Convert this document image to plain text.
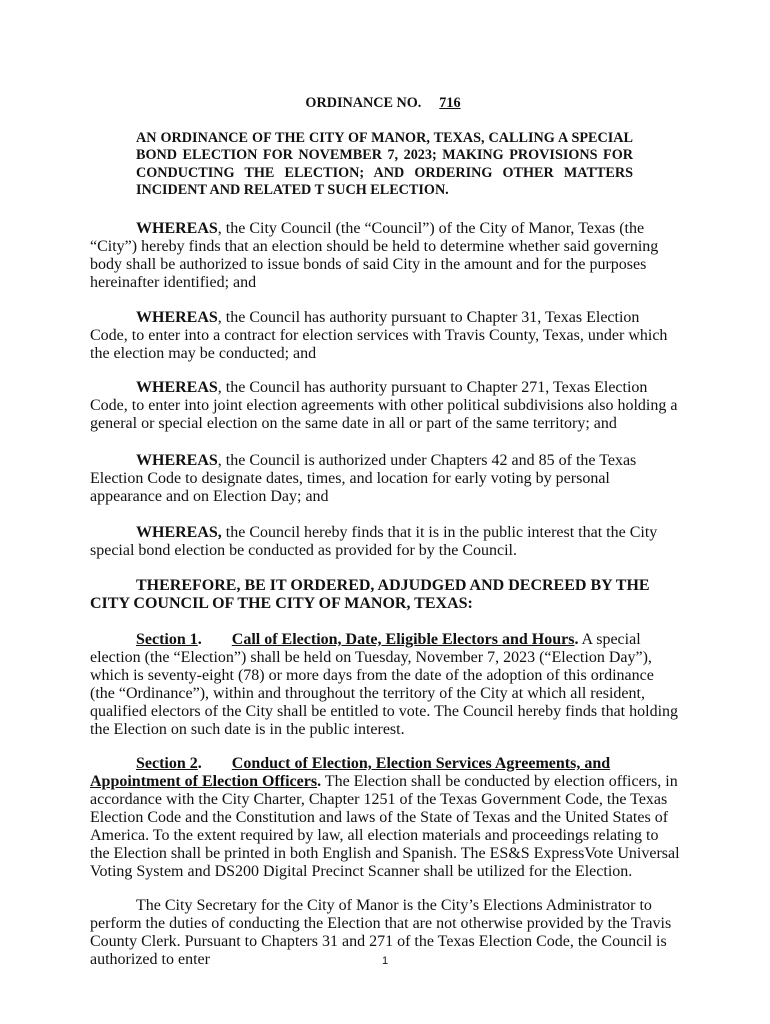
ORDINANCE NO. 716
AN ORDINANCE OF THE CITY OF MANOR, TEXAS, CALLING A SPECIAL BOND ELECTION FOR NOVEMBER 7, 2023; MAKING PROVISIONS FOR CONDUCTING THE ELECTION; AND ORDERING OTHER MATTERS INCIDENT AND RELATED T SUCH ELECTION.

WHEREAS, the City Council (the “Council”) of the City of Manor, Texas (the “City”) hereby finds that an election should be held to determine whether said governing body shall be authorized to issue bonds of said City in the amount and for the purposes hereinafter identified; and

WHEREAS, the Council has authority pursuant to Chapter 31, Texas Election Code, to enter into a contract for election services with Travis County, Texas, under which the election may be conducted; and

WHEREAS, the Council has authority pursuant to Chapter 271, Texas Election Code, to enter into joint election agreements with other political subdivisions also holding a general or special election on the same date in all or part of the same territory; and

WHEREAS, the Council is authorized under Chapters 42 and 85 of the Texas Election Code to designate dates, times, and location for early voting by personal appearance and on Election Day; and

WHEREAS, the Council hereby finds that it is in the public interest that the City special bond election be conducted as provided for by the Council.

THEREFORE, BE IT ORDERED, ADJUDGED AND DECREED BY THE CITY COUNCIL OF THE CITY OF MANOR, TEXAS:

Section 1. Call of Election, Date, Eligible Electors and Hours. A special election (the “Election”) shall be held on Tuesday, November 7, 2023 (“Election Day”), which is seventy-eight (78) or more days from the date of the adoption of this ordinance (the “Ordinance”), within and throughout the territory of the City at which all resident, qualified electors of the City shall be entitled to vote. The Council hereby finds that holding the Election on such date is in the public interest.

Section 2. Conduct of Election, Election Services Agreements, and Appointment of Election Officers. The Election shall be conducted by election officers, in accordance with the City Charter, Chapter 1251 of the Texas Government Code, the Texas Election Code and the Constitution and laws of the State of Texas and the United States of America. To the extent required by law, all election materials and proceedings relating to the Election shall be printed in both English and Spanish. The ES&S ExpressVote Universal Voting System and DS200 Digital Precinct Scanner shall be utilized for the Election.

The City Secretary for the City of Manor is the City’s Elections Administrator to perform the duties of conducting the Election that are not otherwise provided by the Travis County Clerk. Pursuant to Chapters 31 and 271 of the Texas Election Code, the Council is authorized to enter	1
